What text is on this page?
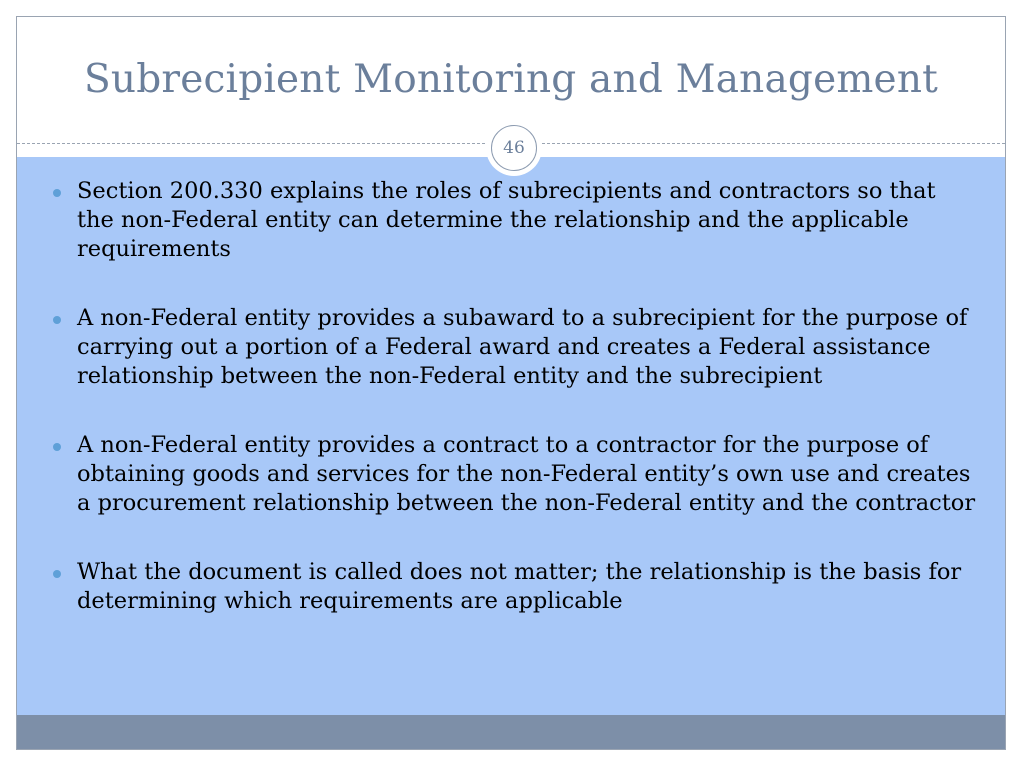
Subrecipient Monitoring and Management
46
Section 200.330 explains the roles of subrecipients and contractors so that the non-Federal entity can determine the relationship and the applicable requirements
A non-Federal entity provides a subaward to a subrecipient for the purpose of carrying out a portion of a Federal award and creates a Federal assistance relationship between the non-Federal entity and the subrecipient
A non-Federal entity provides a contract to a contractor for the purpose of obtaining goods and services for the non-Federal entity’s own use and creates a procurement relationship between the non-Federal entity and the contractor
What the document is called does not matter; the relationship is the basis for determining which requirements are applicable
